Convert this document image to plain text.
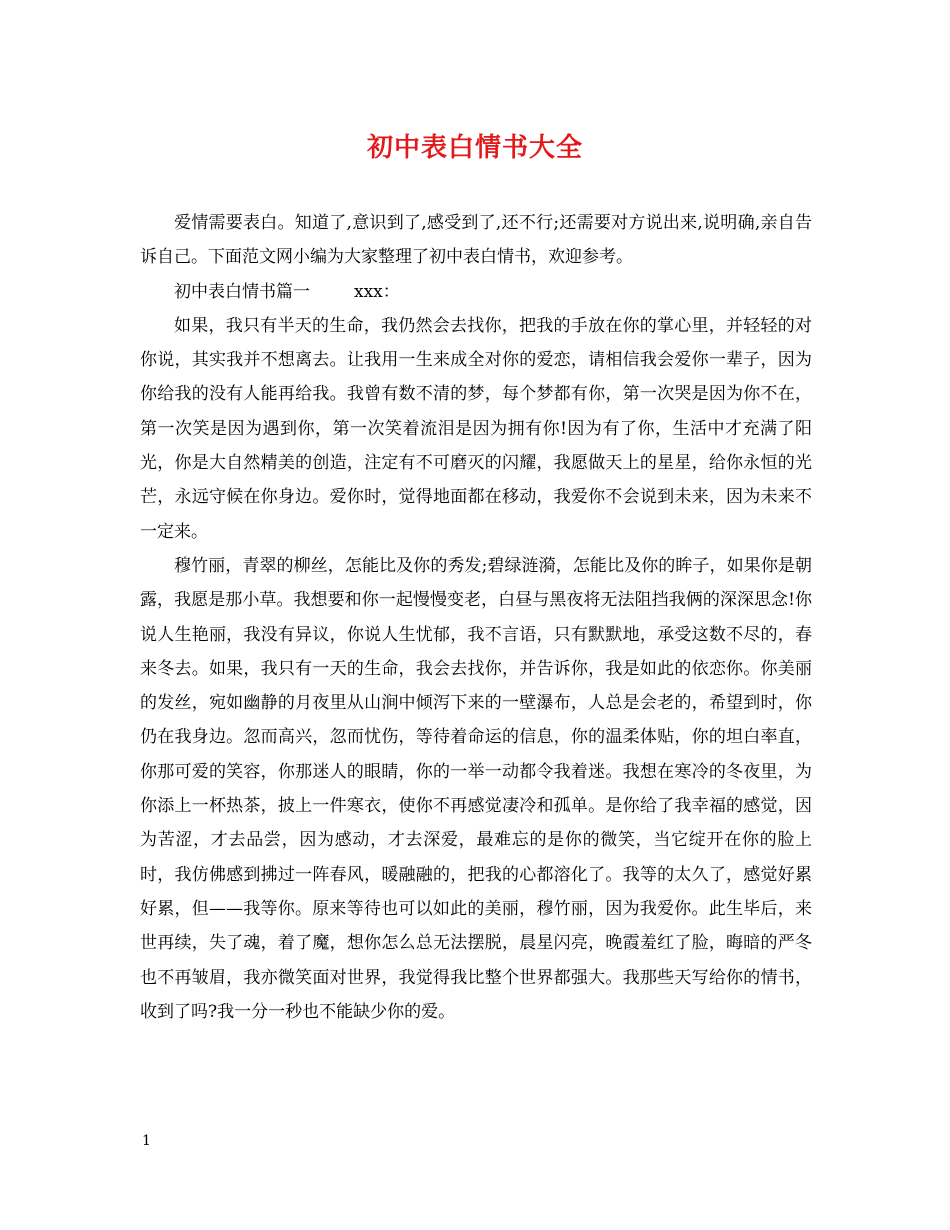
初中表白情书大全

爱情需要表白。知道了,意识到了,感受到了,还不行;还需要对方说出来,说明确,亲自告诉自己。下面范文网小编为大家整理了初中表白情书，欢迎参考。

初中表白情书篇一	xxx：

如果，我只有半天的生命，我仍然会去找你，把我的手放在你的掌心里，并轻轻的对你说，其实我并不想离去。让我用一生来成全对你的爱恋，请相信我会爱你一辈子，因为你给我的没有人能再给我。我曾有数不清的梦，每个梦都有你，第一次哭是因为你不在，第一次笑是因为遇到你，第一次笑着流泪是因为拥有你!因为有了你，生活中才充满了阳光，你是大自然精美的创造，注定有不可磨灭的闪耀，我愿做天上的星星，给你永恒的光芒，永远守候在你身边。爱你时，觉得地面都在移动，我爱你不会说到未来，因为未来不一定来。

穆竹丽，青翠的柳丝，怎能比及你的秀发;碧绿涟漪，怎能比及你的眸子，如果你是朝露，我愿是那小草。我想要和你一起慢慢变老，白昼与黑夜将无法阻挡我俩的深深思念!你说人生艳丽，我没有异议，你说人生忧郁，我不言语，只有默默地，承受这数不尽的，春来冬去。如果，我只有一天的生命，我会去找你，并告诉你，我是如此的依恋你。你美丽的发丝，宛如幽静的月夜里从山涧中倾泻下来的一壁瀑布，人总是会老的，希望到时，你仍在我身边。忽而高兴，忽而忧伤，等待着命运的信息，你的温柔体贴，你的坦白率直，你那可爱的笑容，你那迷人的眼睛，你的一举一动都令我着迷。我想在寒冷的冬夜里，为你添上一杯热茶，披上一件寒衣，使你不再感觉凄冷和孤单。是你给了我幸福的感觉，因为苦涩，才去品尝，因为感动，才去深爱，最难忘的是你的微笑，当它绽开在你的脸上时，我仿佛感到拂过一阵春风，暖融融的，把我的心都溶化了。我等的太久了，感觉好累好累，但——我等你。原来等待也可以如此的美丽，穆竹丽，因为我爱你。此生毕后，来世再续，失了魂，着了魔，想你怎么总无法摆脱，晨星闪亮，晚霞羞红了脸，晦暗的严冬也不再皱眉，我亦微笑面对世界，我觉得我比整个世界都强大。我那些天写给你的情书，收到了吗?我一分一秒也不能缺少你的爱。

1
